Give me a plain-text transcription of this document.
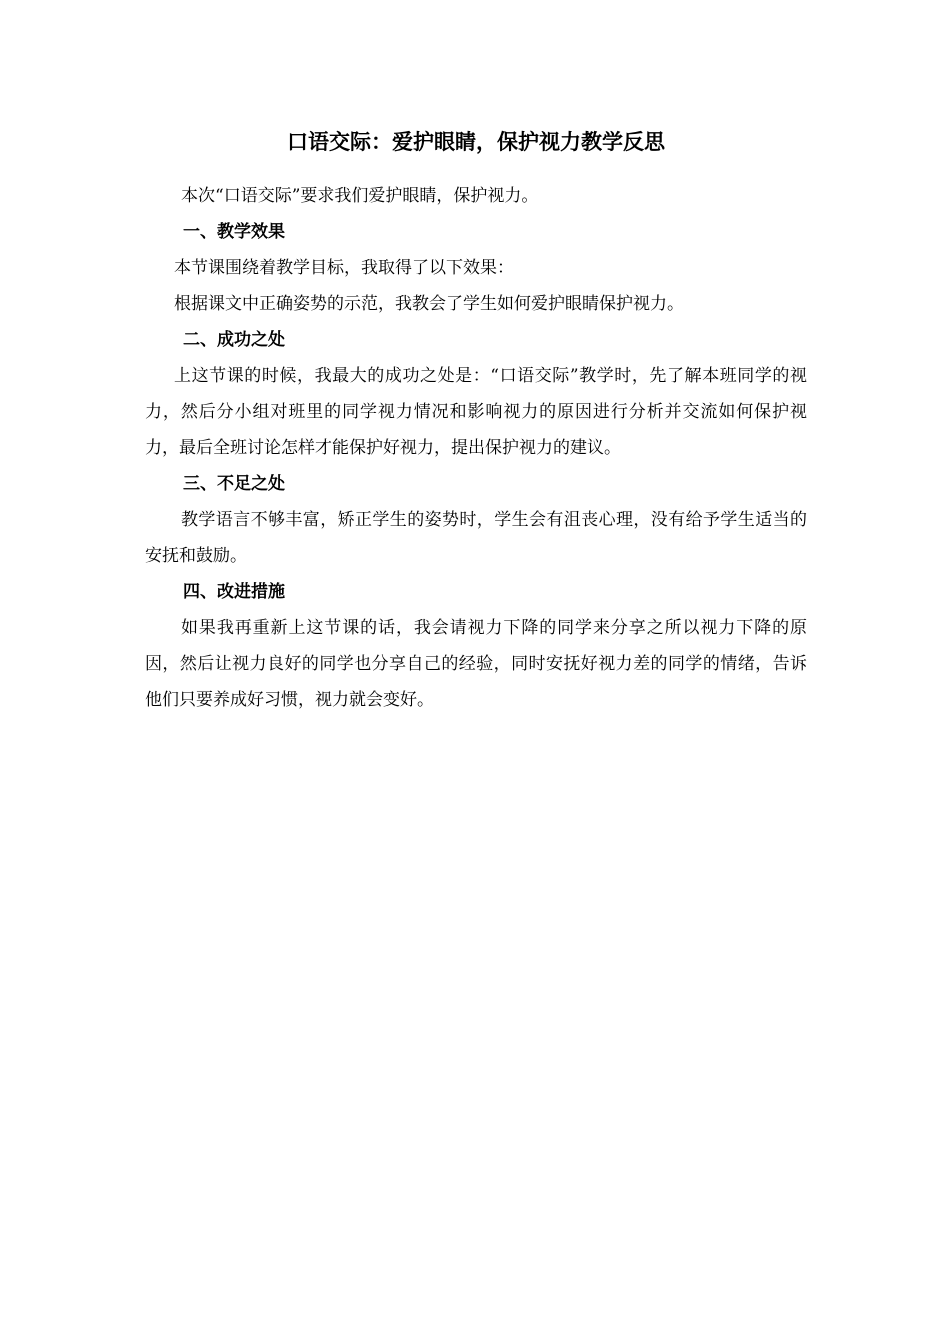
口语交际：爱护眼睛，保护视力教学反思

本次“口语交际”要求我们爱护眼睛，保护视力。

一、教学效果

本节课围绕着教学目标，我取得了以下效果：

根据课文中正确姿势的示范，我教会了学生如何爱护眼睛保护视力。

二、成功之处

上这节课的时候，我最大的成功之处是：“口语交际”教学时，先了解本班同学的视力，然后分小组对班里的同学视力情况和影响视力的原因进行分析并交流如何保护视力，最后全班讨论怎样才能保护好视力，提出保护视力的建议。

三、不足之处

教学语言不够丰富，矫正学生的姿势时，学生会有沮丧心理，没有给予学生适当的安抚和鼓励。

四、改进措施

如果我再重新上这节课的话，我会请视力下降的同学来分享之所以视力下降的原因，然后让视力良好的同学也分享自己的经验，同时安抚好视力差的同学的情绪，告诉他们只要养成好习惯，视力就会变好。
